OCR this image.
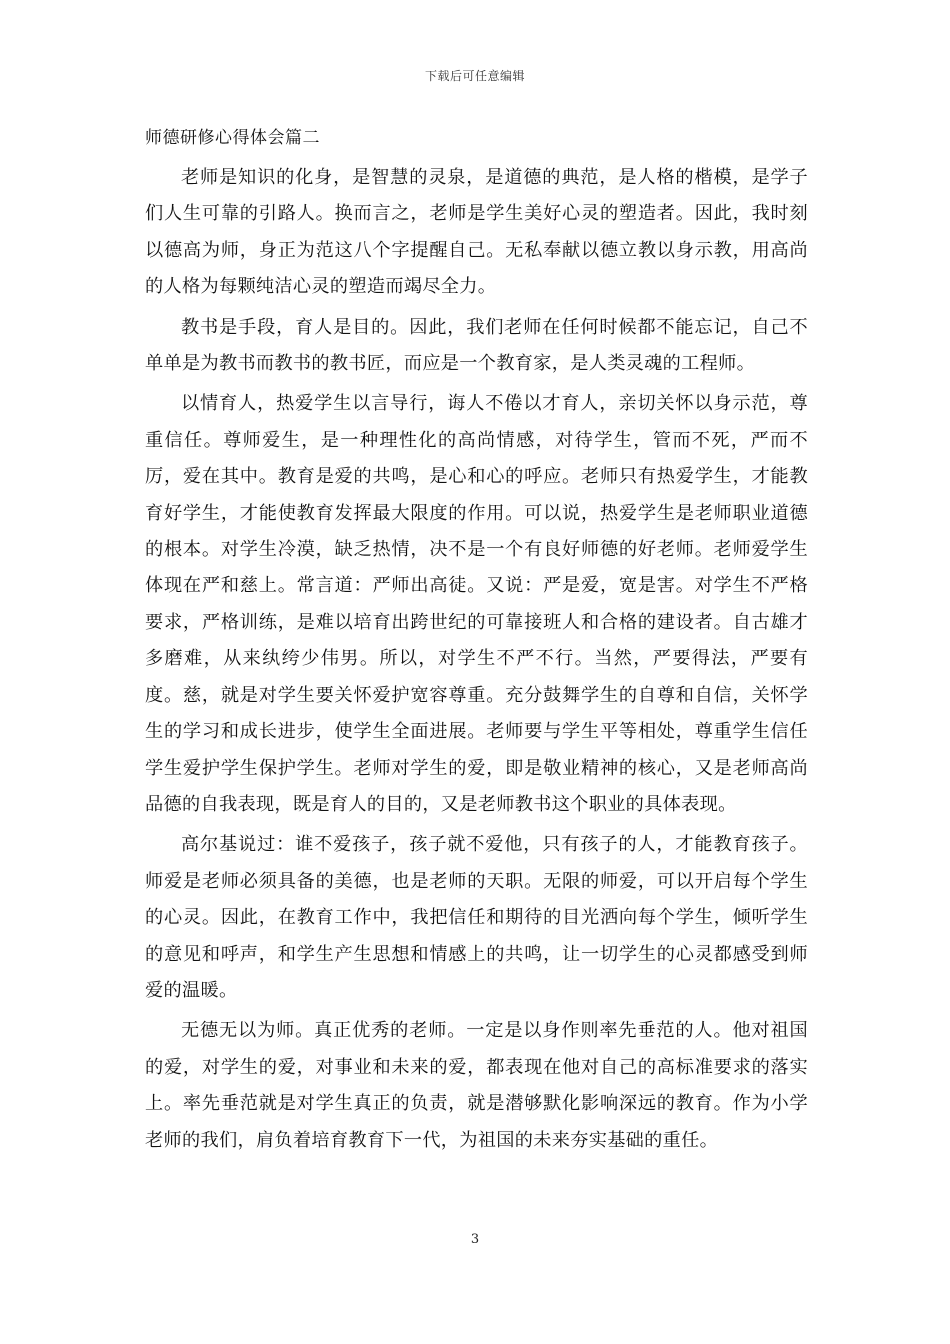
下载后可任意编辑

师德研修心得体会篇二

老师是知识的化身，是智慧的灵泉，是道德的典范，是人格的楷模，是学子们人生可靠的引路人。换而言之，老师是学生美好心灵的塑造者。因此，我时刻以德高为师，身正为范这八个字提醒自己。无私奉献以德立教以身示教，用高尚的人格为每颗纯洁心灵的塑造而竭尽全力。

教书是手段，育人是目的。因此，我们老师在任何时候都不能忘记，自己不单单是为教书而教书的教书匠，而应是一个教育家，是人类灵魂的工程师。

以情育人，热爱学生以言导行，诲人不倦以才育人，亲切关怀以身示范，尊重信任。尊师爱生，是一种理性化的高尚情感，对待学生，管而不死，严而不厉，爱在其中。教育是爱的共鸣，是心和心的呼应。老师只有热爱学生，才能教育好学生，才能使教育发挥最大限度的作用。可以说，热爱学生是老师职业道德的根本。对学生冷漠，缺乏热情，决不是一个有良好师德的好老师。老师爱学生体现在严和慈上。常言道：严师出高徒。又说：严是爱，宽是害。对学生不严格要求，严格训练，是难以培育出跨世纪的可靠接班人和合格的建设者。自古雄才多磨难，从来纨绔少伟男。所以，对学生不严不行。当然，严要得法，严要有度。慈，就是对学生要关怀爱护宽容尊重。充分鼓舞学生的自尊和自信，关怀学生的学习和成长进步，使学生全面进展。老师要与学生平等相处，尊重学生信任学生爱护学生保护学生。老师对学生的爱，即是敬业精神的核心，又是老师高尚品德的自我表现，既是育人的目的，又是老师教书这个职业的具体表现。

高尔基说过：谁不爱孩子，孩子就不爱他，只有孩子的人，才能教育孩子。师爱是老师必须具备的美德，也是老师的天职。无限的师爱，可以开启每个学生的心灵。因此，在教育工作中，我把信任和期待的目光洒向每个学生，倾听学生的意见和呼声，和学生产生思想和情感上的共鸣，让一切学生的心灵都感受到师爱的温暖。

无德无以为师。真正优秀的老师。一定是以身作则率先垂范的人。他对祖国的爱，对学生的爱，对事业和未来的爱，都表现在他对自己的高标准要求的落实上。率先垂范就是对学生真正的负责，就是潜够默化影响深远的教育。作为小学老师的我们，肩负着培育教育下一代，为祖国的未来夯实基础的重任。

3
